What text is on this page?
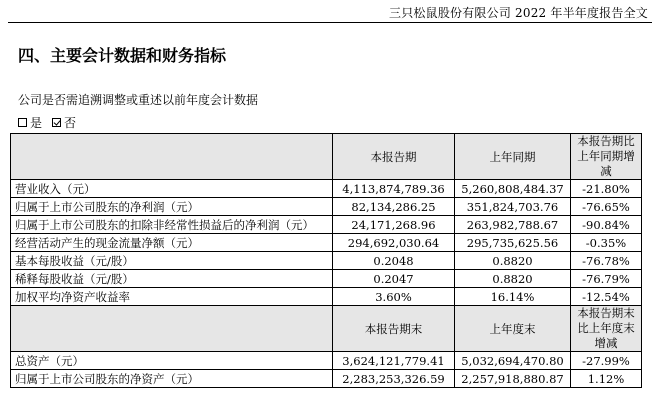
三只松鼠股份有限公司 2022 年半年度报告全文
四、主要会计数据和财务指标
公司是否需追溯调整或重述以前年度会计数据
是 否
	本报告期	上年同期	本报告期比上年同期增减
营业收入（元）	4,113,874,789.36	5,260,808,484.37	-21.80%
归属于上市公司股东的净利润（元）	82,134,286.25	351,824,703.76	-76.65%
归属于上市公司股东的扣除非经常性损益后的净利润（元）	24,171,268.96	263,982,788.67	-90.84%
经营活动产生的现金流量净额（元）	294,692,030.64	295,735,625.56	-0.35%
基本每股收益（元/股）	0.2048	0.8820	-76.78%
稀释每股收益（元/股）	0.2047	0.8820	-76.79%
加权平均净资产收益率	3.60%	16.14%	-12.54%
	本报告期末	上年度末	本报告期末比上年度末增减
总资产（元）	3,624,121,779.41	5,032,694,470.80	-27.99%
归属于上市公司股东的净资产（元）	2,283,253,326.59	2,257,918,880.87	1.12%
